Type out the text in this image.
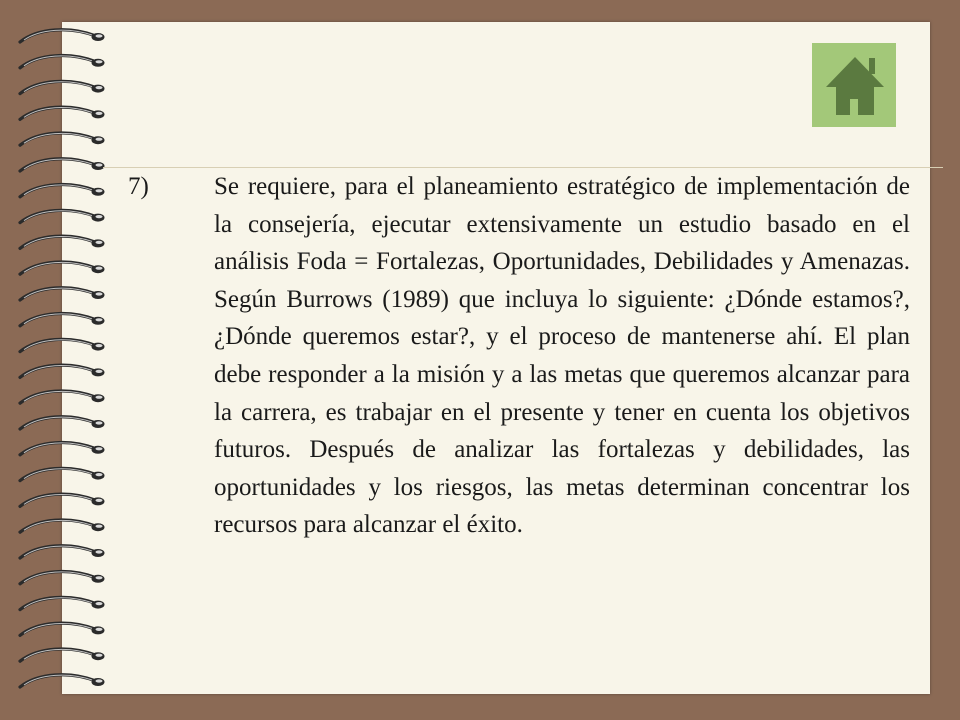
7)	Se requiere, para el planeamiento estratégico de implementación de la consejería, ejecutar extensivamente un estudio basado en el análisis Foda = Fortalezas, Oportunidades, Debilidades y Amenazas. Según Burrows (1989) que incluya lo siguiente: ¿Dónde estamos?, ¿Dónde queremos estar?, y el proceso de mantenerse ahí. El plan debe responder a la misión y a las metas que queremos alcanzar para la carrera, es trabajar en el presente y tener en cuenta los objetivos futuros. Después de analizar las fortalezas y debilidades, las oportunidades y los riesgos, las metas determinan concentrar los recursos para alcanzar el éxito.
